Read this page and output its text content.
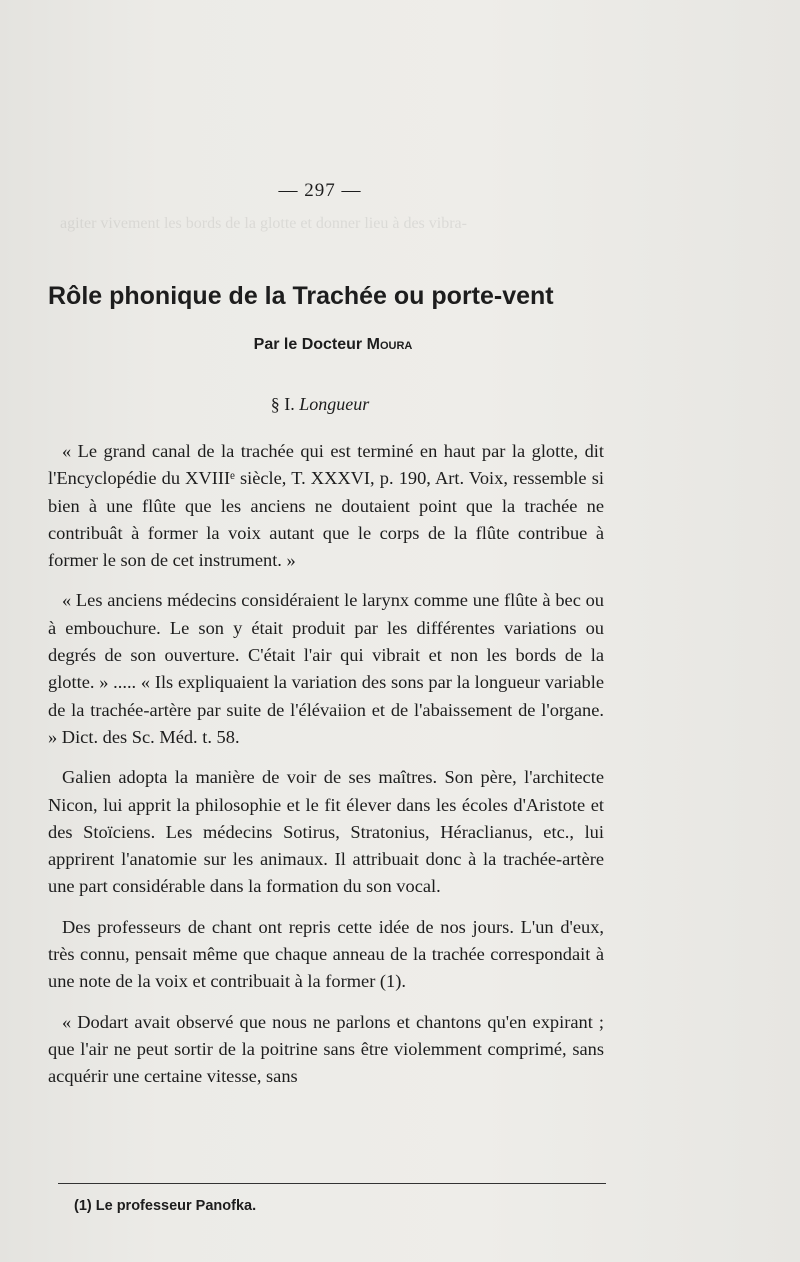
agiter vivement les bords de la glotte et donner lieu à des vibra-
— 297 —
Rôle phonique de la Trachée ou porte-vent
Par le Docteur Moura
§ I. Longueur

« Le grand canal de la trachée qui est terminé en haut par la glotte, dit l'Encyclopédie du XVIIIᵉ siècle, T. XXXVI, p. 190, Art. Voix, ressemble si bien à une flûte que les anciens ne doutaient point que la trachée ne contribuât à former la voix autant que le corps de la flûte contribue à former le son de cet instrument. »

« Les anciens médecins considéraient le larynx comme une flûte à bec ou à embouchure. Le son y était produit par les différentes variations ou degrés de son ouverture. C'était l'air qui vibrait et non les bords de la glotte. » ..... « Ils expliquaient la variation des sons par la longueur variable de la trachée-artère par suite de l'élévaiion et de l'abaissement de l'organe. » Dict. des Sc. Méd. t. 58.

Galien adopta la manière de voir de ses maîtres. Son père, l'architecte Nicon, lui apprit la philosophie et le fit élever dans les écoles d'Aristote et des Stoïciens. Les médecins Sotirus, Stratonius, Héraclianus, etc., lui apprirent l'anatomie sur les animaux. Il attribuait donc à la trachée-artère une part considérable dans la formation du son vocal.

Des professeurs de chant ont repris cette idée de nos jours. L'un d'eux, très connu, pensait même que chaque anneau de la trachée correspondait à une note de la voix et contribuait à la former (1).

« Dodart avait observé que nous ne parlons et chantons qu'en expirant ; que l'air ne peut sortir de la poitrine sans être violemment comprimé, sans acquérir une certaine vitesse, sans

(1) Le professeur Panofka.
